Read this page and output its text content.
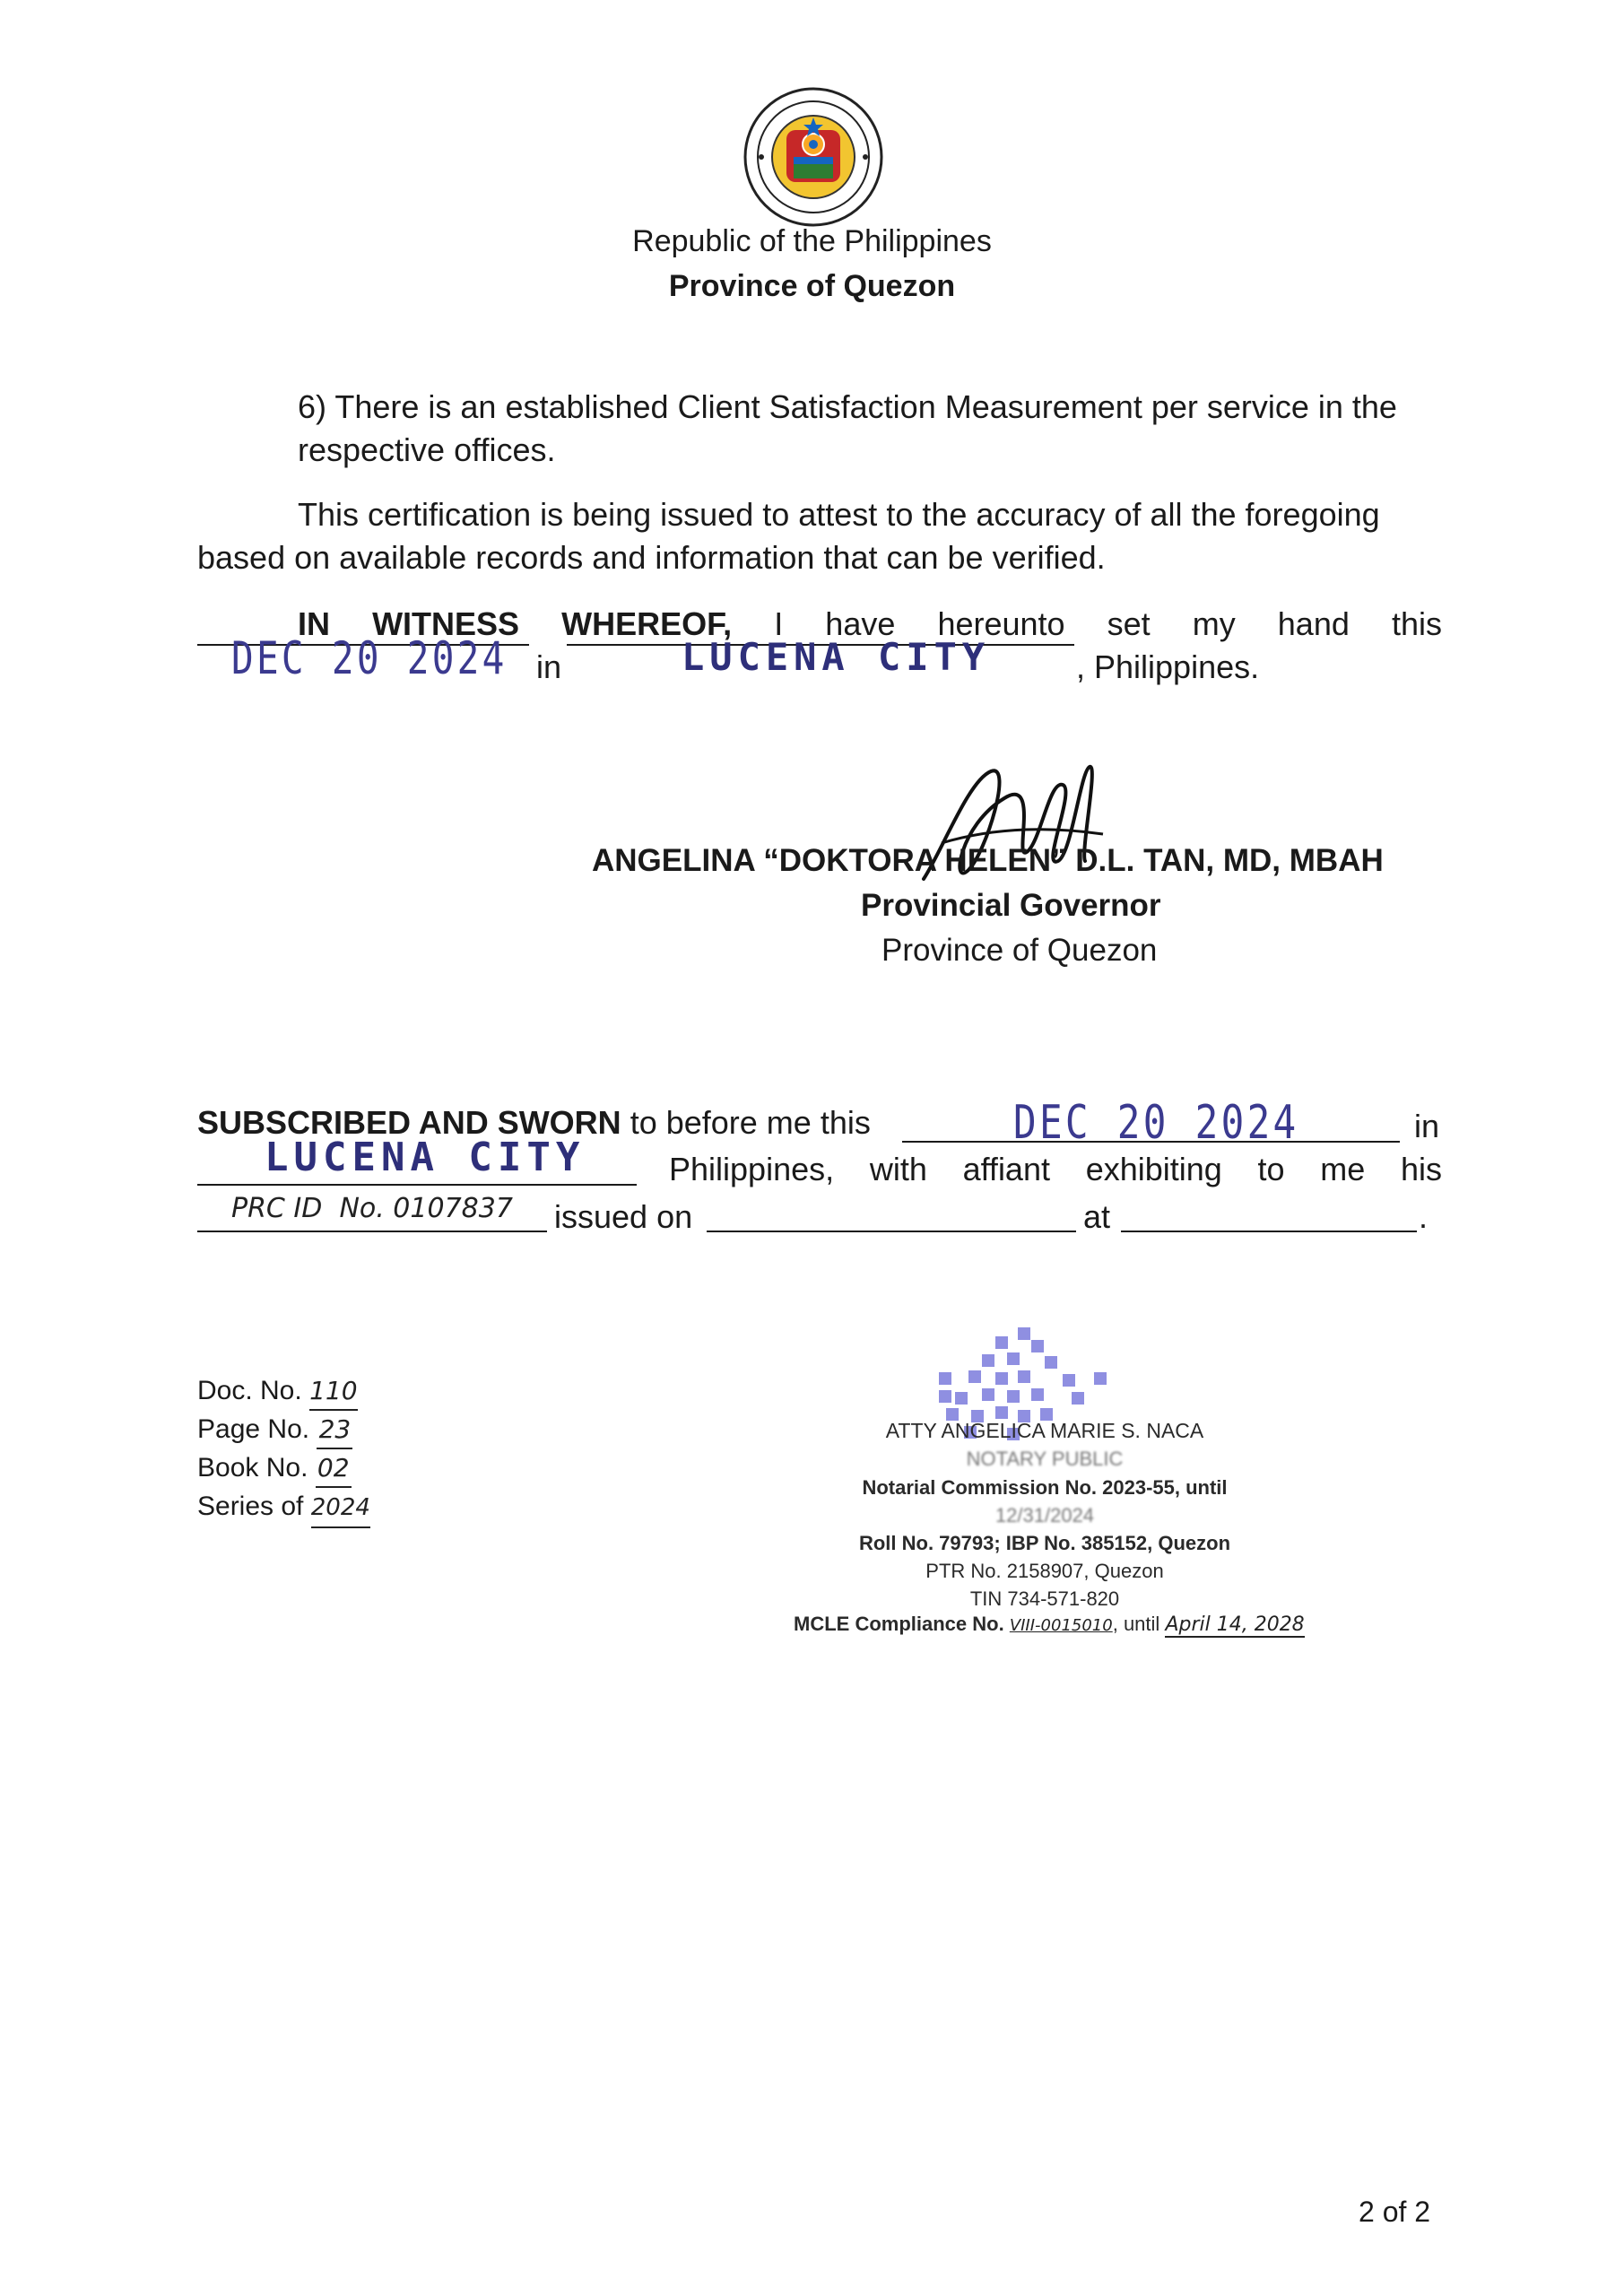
Republic of the Philippines
Province of Quezon
6) There is an established Client Satisfaction Measurement per service in the
respective offices.
This certification is being issued to attest to the accuracy of all the foregoing
based on available records and information that can be verified.
IN WITNESS WHEREOF, I have hereunto set my hand this
DEC 20 2024 in	LUCENA CITY	, Philippines.
ANGELINA “DOKTORA HELEN” D.L. TAN, MD, MBAH
Provincial Governor
Province of Quezon
SUBSCRIBED AND SWORN to before me this	DEC 20 2024	in
LUCENA CITY	Philippines, with affiant exhibiting to me his
PRC ID  No. 0107837 issued on	at	.
Doc. No. 110
Page No. 23
Book No. 02
Series of 2024
ATTY ANGELICA MARIE S. NACA
NOTARY PUBLIC
Notarial Commission No. 2023-55, until
12/31/2024
Roll No. 79793; IBP No. 385152, Quezon
PTR No. 2158907, Quezon
TIN 734-571-820
MCLE Compliance No. VIII-0015010, until April 14, 2028
2 of 2
